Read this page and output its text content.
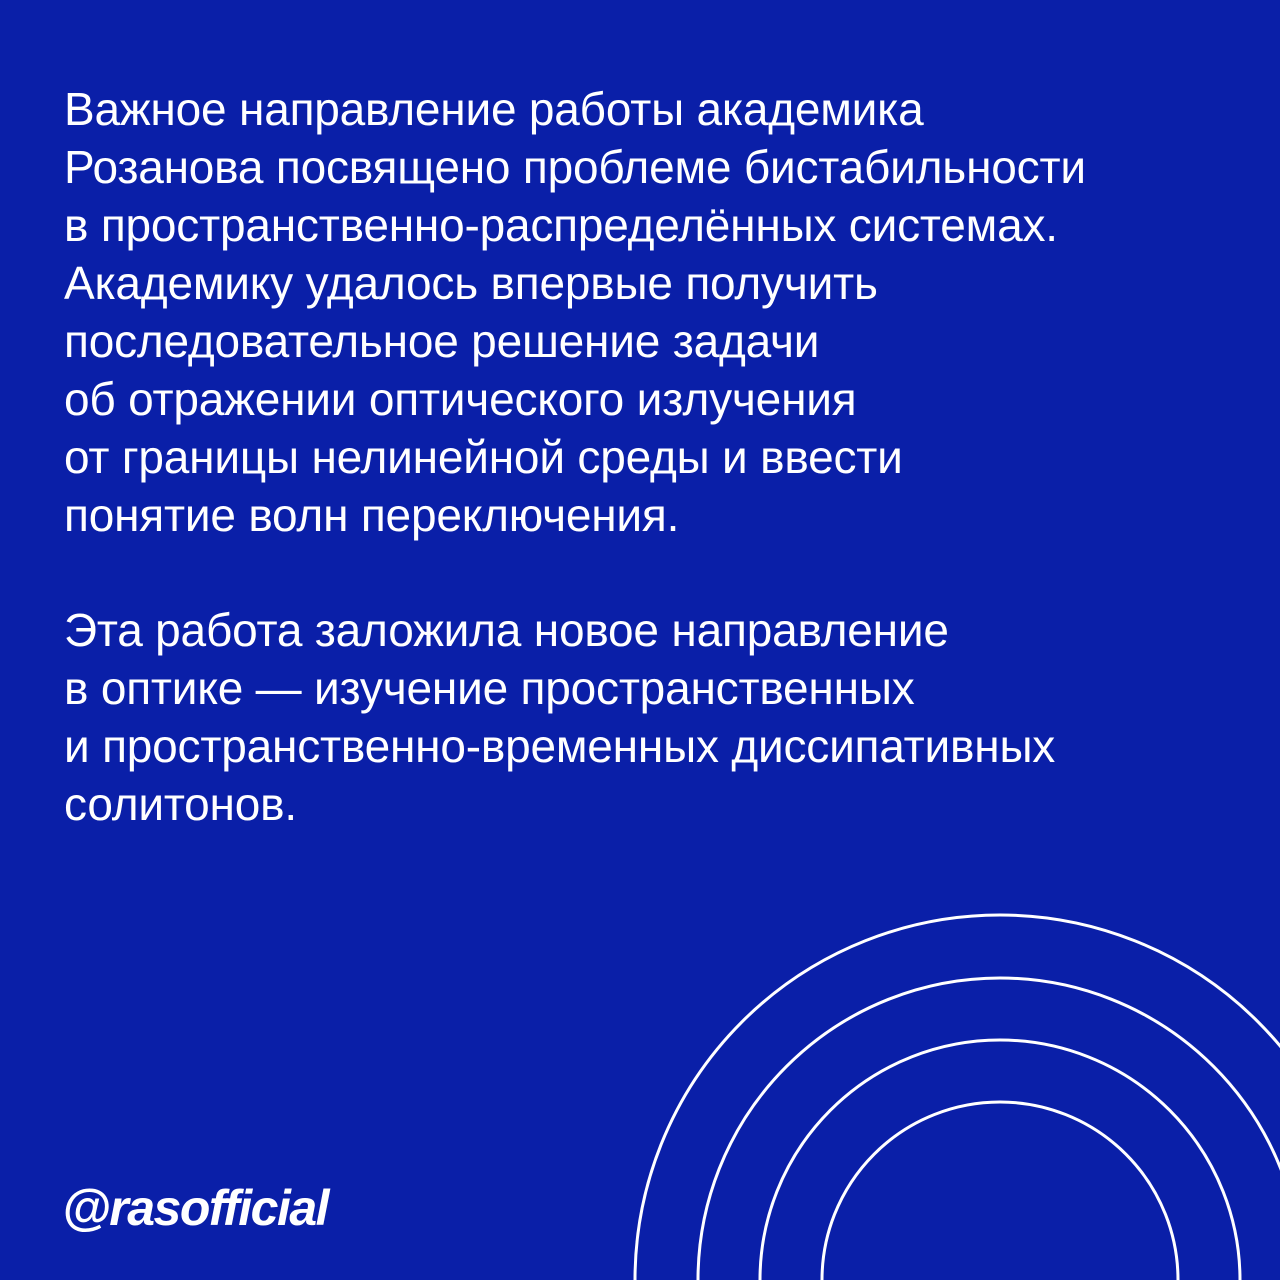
Важное направление работы академика
Розанова посвящено проблеме бистабильности
в пространственно-распределённых системах.
Академику удалось впервые получить
последовательное решение задачи
об отражении оптического излучения
от границы нелинейной среды и ввести
понятие волн переключения.
Эта работа заложила новое направление
в оптике — изучение пространственных
и пространственно-временных диссипативных
солитонов.
@rasofficial
